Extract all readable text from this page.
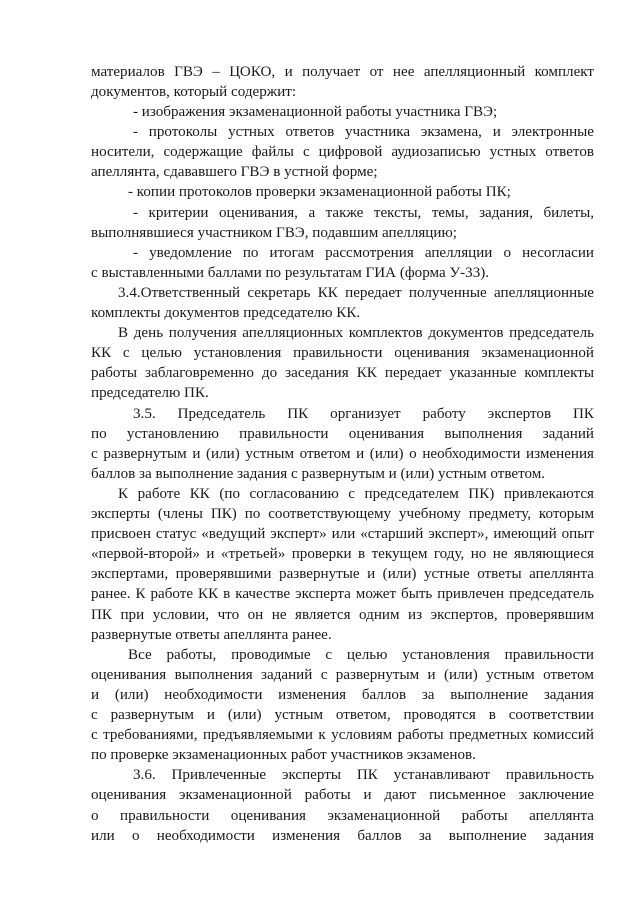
материалов ГВЭ – ЦОКО, и получает от нее апелляционный комплект
документов, который содержит:
- изображения экзаменационной работы участника ГВЭ;
- протоколы устных ответов участника экзамена, и электронные
носители, содержащие файлы с цифровой аудиозаписью устных ответов
апеллянта, сдававшего ГВЭ в устной форме;
- копии протоколов проверки экзаменационной работы ПК;
- критерии оценивания, а также тексты, темы, задания, билеты,
выполнявшиеся участником ГВЭ, подавшим апелляцию;
- уведомление по итогам рассмотрения апелляции о несогласии
с выставленными баллами по результатам ГИА (форма У-33).
3.4.Ответственный секретарь КК передает полученные апелляционные
комплекты документов председателю КК.
В день получения апелляционных комплектов документов председатель
КК с целью установления правильности оценивания экзаменационной
работы заблаговременно до заседания КК передает указанные комплекты
председателю ПК.
3.5. Председатель ПК организует работу экспертов ПК
по установлению правильности оценивания выполнения заданий
с развернутым и (или) устным ответом и (или) о необходимости изменения
баллов за выполнение задания с развернутым и (или) устным ответом.
К работе КК (по согласованию с председателем ПК) привлекаются
эксперты (члены ПК) по соответствующему учебному предмету, которым
присвоен статус «ведущий эксперт» или «старший эксперт», имеющий опыт
«первой-второй» и «третьей» проверки в текущем году, но не являющиеся
экспертами, проверявшими развернутые и (или) устные ответы апеллянта
ранее. К работе КК в качестве эксперта может быть привлечен председатель
ПК при условии, что он не является одним из экспертов, проверявшим
развернутые ответы апеллянта ранее.
Все работы, проводимые с целью установления правильности
оценивания выполнения заданий с развернутым и (или) устным ответом
и (или) необходимости изменения баллов за выполнение задания
с развернутым и (или) устным ответом, проводятся в соответствии
с требованиями, предъявляемыми к условиям работы предметных комиссий
по проверке экзаменационных работ участников экзаменов.
3.6. Привлеченные эксперты ПК устанавливают правильность
оценивания экзаменационной работы и дают письменное заключение
о правильности оценивания экзаменационной работы апеллянта
или о необходимости изменения баллов за выполнение задания
